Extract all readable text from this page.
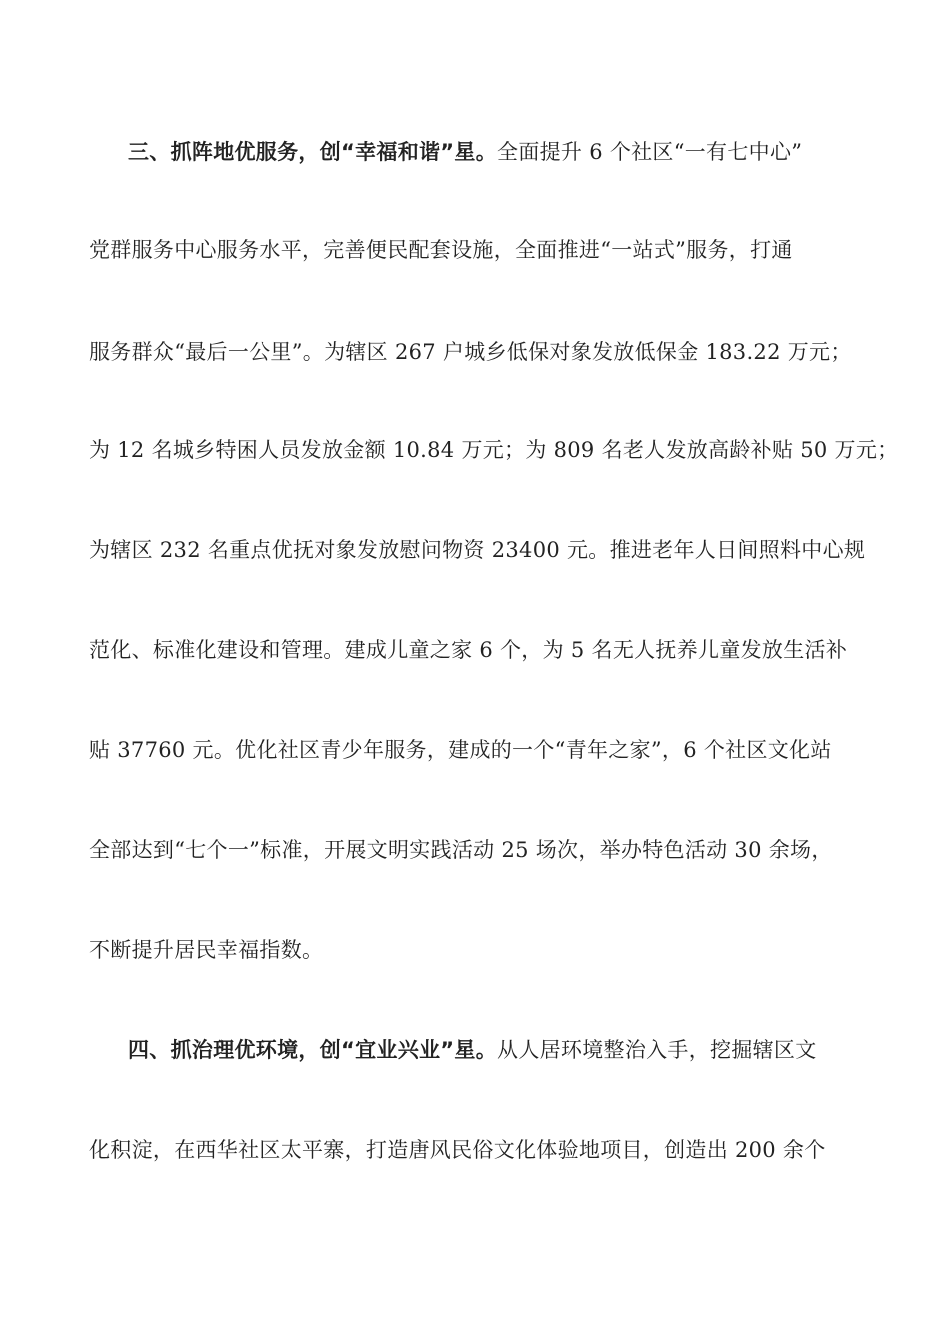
三、抓阵地优服务，创“幸福和谐”星。全面提升 6 个社区“一有七中心”
党群服务中心服务水平，完善便民配套设施，全面推进“一站式”服务，打通
服务群众“最后一公里”。为辖区 267 户城乡低保对象发放低保金 183.22 万元；
为 12 名城乡特困人员发放金额 10.84 万元；为 809 名老人发放高龄补贴 50 万元；
为辖区 232 名重点优抚对象发放慰问物资 23400 元。推进老年人日间照料中心规
范化、标准化建设和管理。建成儿童之家 6 个，为 5 名无人抚养儿童发放生活补
贴 37760 元。优化社区青少年服务，建成的一个“青年之家”，6 个社区文化站
全部达到“七个一”标准，开展文明实践活动 25 场次，举办特色活动 30 余场，
不断提升居民幸福指数。
四、抓治理优环境，创“宜业兴业”星。从人居环境整治入手，挖掘辖区文
化积淀，在西华社区太平寨，打造唐风民俗文化体验地项目，创造出 200 余个
